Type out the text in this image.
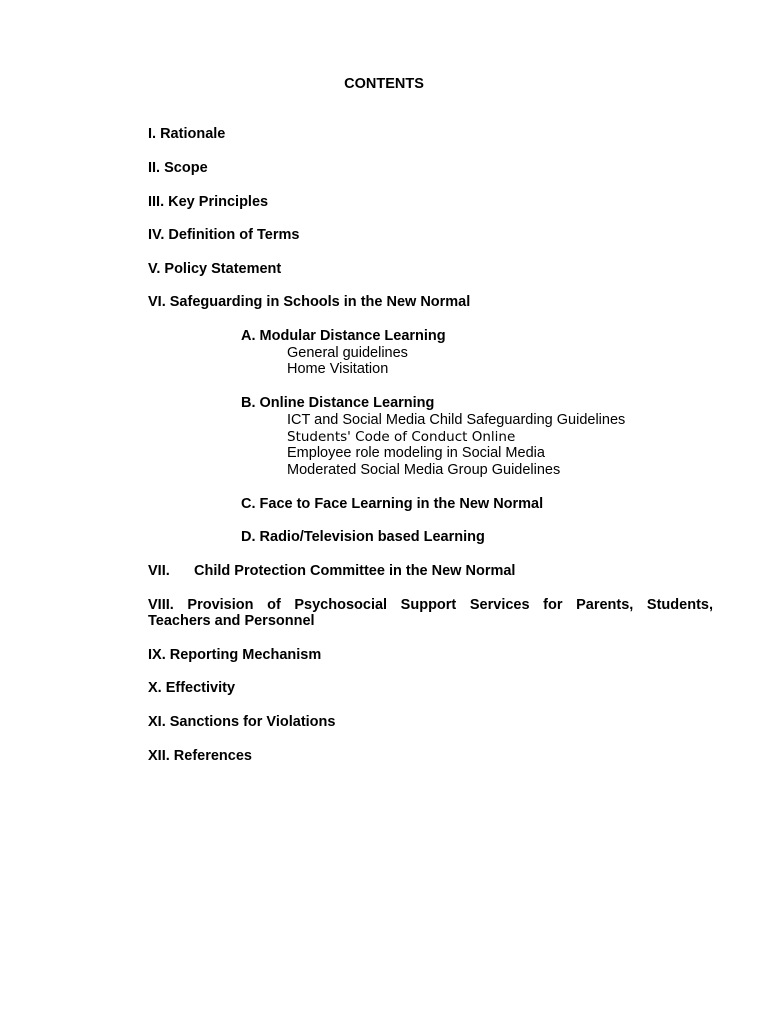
CONTENTS
I. Rationale
II. Scope
III. Key Principles
IV. Definition of Terms
V. Policy Statement
VI. Safeguarding in Schools in the New Normal
A. Modular Distance Learning
General guidelines
Home Visitation
B. Online Distance Learning
ICT and Social Media Child Safeguarding Guidelines
Students' Code of Conduct Online
Employee role modeling in Social Media
Moderated Social Media Group Guidelines
C. Face to Face Learning in the New Normal
D. Radio/Television based Learning
VII. Child Protection Committee in the New Normal
VIII. Provision of Psychosocial Support Services for Parents, Students,
Teachers and Personnel
IX. Reporting Mechanism
X. Effectivity
XI. Sanctions for Violations
XII. References
